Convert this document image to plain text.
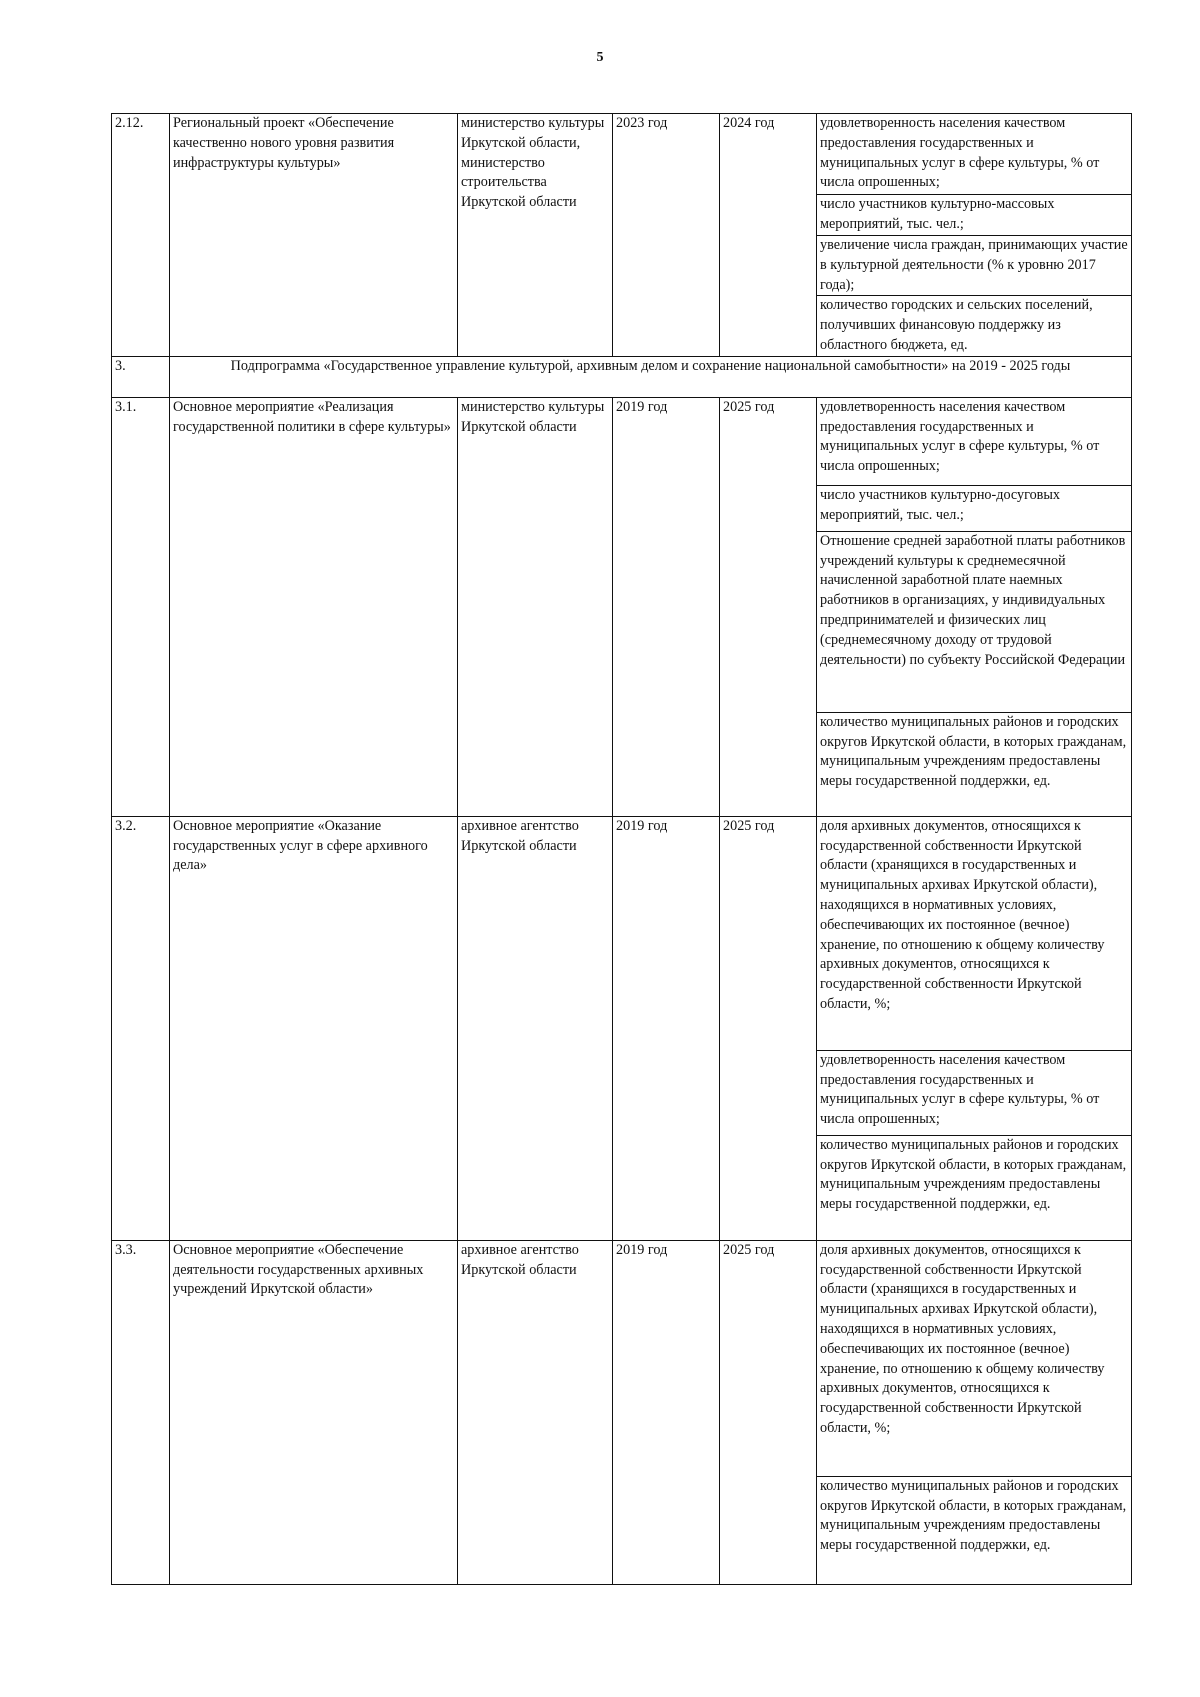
5
2.12.	Региональный проект «Обеспечение качественно нового уровня развития инфраструктуры культуры»	министерство культуры Иркутской области, министерство строительства Иркутской области	2023 год	2024 год	удовлетворенность населения качеством предоставления государственных и муниципальных услуг в сфере культуры, % от числа опрошенных;
					число участников культурно-массовых мероприятий, тыс. чел.;
					увеличение числа граждан, принимающих участие в культурной деятельности (% к уровню 2017 года);
					количество городских и сельских поселений, получивших финансовую поддержку из областного бюджета, ед.
3.	Подпрограмма «Государственное управление культурой, архивным делом и сохранение национальной самобытности» на 2019 - 2025 годы				
3.1.	Основное мероприятие «Реализация государственной политики в сфере культуры»	министерство культуры Иркутской области	2019 год	2025 год	удовлетворенность населения качеством предоставления государственных и муниципальных услуг в сфере культуры, % от числа опрошенных;
					число участников культурно-досуговых мероприятий, тыс. чел.;
					Отношение средней заработной платы работников учреждений культуры к среднемесячной начисленной заработной плате наемных работников в организациях, у индивидуальных предпринимателей и физических лиц (среднемесячному доходу от трудовой деятельности) по субъекту Российской Федерации
					количество муниципальных районов и городских округов Иркутской области, в которых гражданам, муниципальным учреждениям предоставлены меры государственной поддержки, ед.
3.2.	Основное мероприятие «Оказание государственных услуг в сфере архивного дела»	архивное агентство Иркутской области	2019 год	2025 год	доля архивных документов, относящихся к государственной собственности Иркутской области (хранящихся в государственных и муниципальных архивах Иркутской области), находящихся в нормативных условиях, обеспечивающих их постоянное (вечное) хранение, по отношению к общему количеству архивных документов, относящихся к государственной собственности Иркутской области, %;
					удовлетворенность населения качеством предоставления государственных и муниципальных услуг в сфере культуры, % от числа опрошенных;
					количество муниципальных районов и городских округов Иркутской области, в которых гражданам, муниципальным учреждениям предоставлены меры государственной поддержки, ед.
3.3.	Основное мероприятие «Обеспечение деятельности государственных архивных учреждений Иркутской области»	архивное агентство Иркутской области	2019 год	2025 год	доля архивных документов, относящихся к государственной собственности Иркутской области (хранящихся в государственных и муниципальных архивах Иркутской области), находящихся в нормативных условиях, обеспечивающих их постоянное (вечное) хранение, по отношению к общему количеству архивных документов, относящихся к государственной собственности Иркутской области, %;
					количество муниципальных районов и городских округов Иркутской области, в которых гражданам, муниципальным учреждениям предоставлены меры государственной поддержки, ед.
